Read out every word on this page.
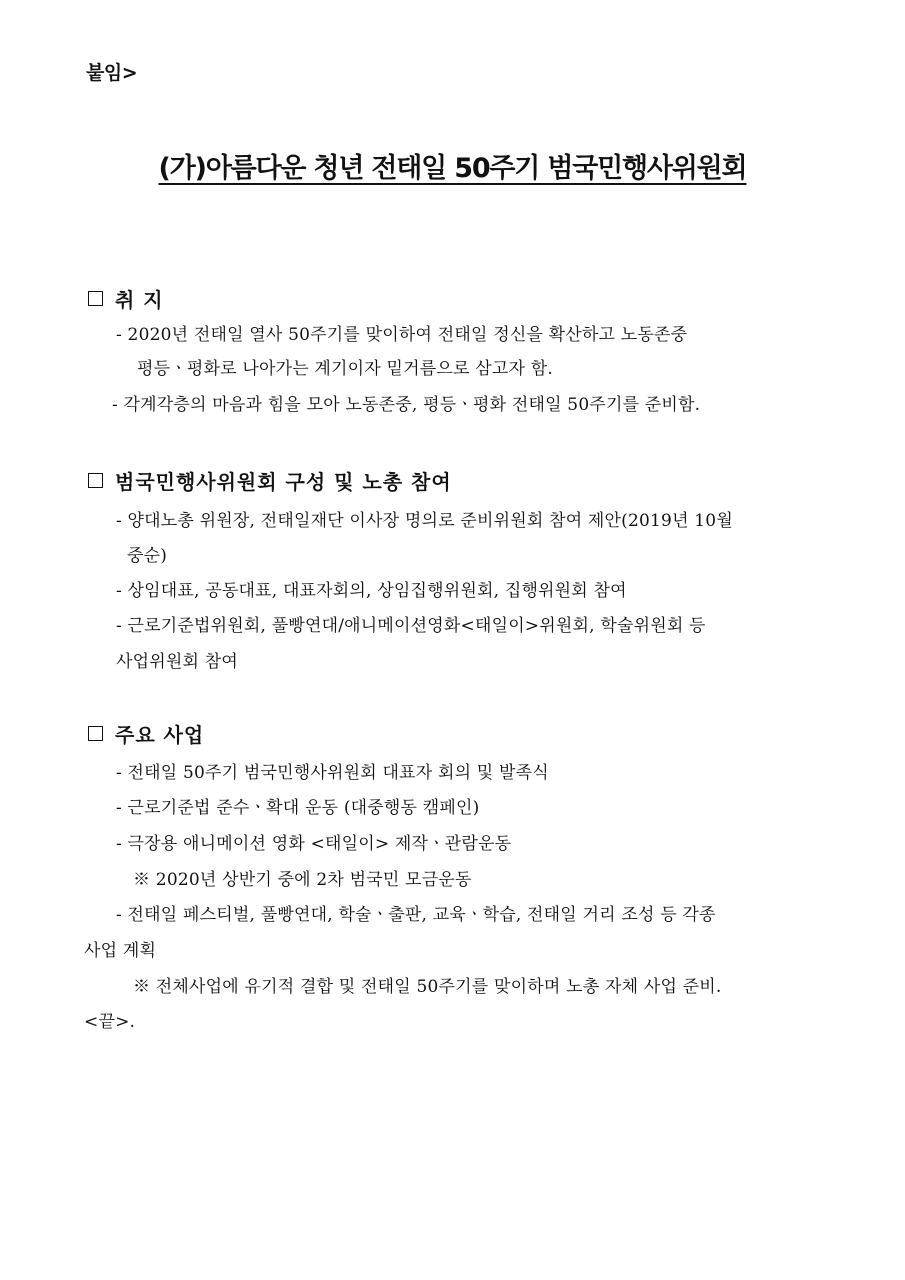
붙임>
(가)아름다운 청년 전태일 50주기 범국민행사위원회
취 지
- 2020년 전태일 열사 50주기를 맞이하여 전태일 정신을 확산하고 노동존중
평등ㆍ평화로 나아가는 계기이자 밑거름으로 삼고자 함.
- 각계각층의 마음과 힘을 모아 노동존중, 평등ㆍ평화 전태일 50주기를 준비함.
범국민행사위원회 구성 및 노총 참여
- 양대노총 위원장, 전태일재단 이사장 명의로 준비위원회 참여 제안(2019년 10월
중순)
- 상임대표, 공동대표, 대표자회의, 상임집행위원회, 집행위원회 참여
- 근로기준법위원회, 풀빵연대/애니메이션영화<태일이>위원회, 학술위원회 등
사업위원회 참여
주요 사업
- 전태일 50주기 범국민행사위원회 대표자 회의 및 발족식
- 근로기준법 준수ㆍ확대 운동 (대중행동 캠페인)
- 극장용 애니메이션 영화 <태일이> 제작ㆍ관람운동
※ 2020년 상반기 중에 2차 범국민 모금운동
- 전태일 페스티벌, 풀빵연대, 학술ㆍ출판, 교육ㆍ학습, 전태일 거리 조성 등 각종
사업 계획
※ 전체사업에 유기적 결합 및 전태일 50주기를 맞이하며 노총 자체 사업 준비.
<끝>.
